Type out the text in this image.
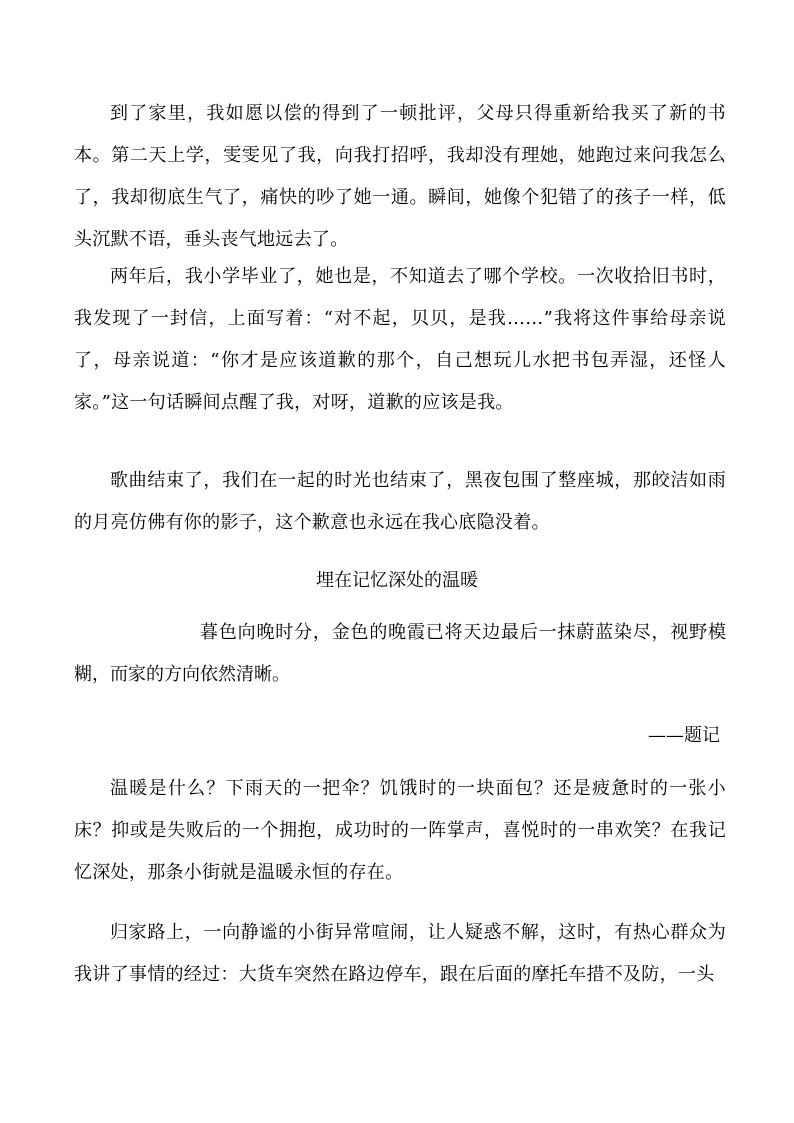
到了家里，我如愿以偿的得到了一顿批评，父母只得重新给我买了新的书本。第二天上学，雯雯见了我，向我打招呼，我却没有理她，她跑过来问我怎么了，我却彻底生气了，痛快的吵了她一通。瞬间，她像个犯错了的孩子一样，低头沉默不语，垂头丧气地远去了。

两年后，我小学毕业了，她也是，不知道去了哪个学校。一次收拾旧书时，我发现了一封信，上面写着：“对不起，贝贝，是我……”我将这件事给母亲说了，母亲说道：“你才是应该道歉的那个，自己想玩儿水把书包弄湿，还怪人家。”这一句话瞬间点醒了我，对呀，道歉的应该是我。

歌曲结束了，我们在一起的时光也结束了，黑夜包围了整座城，那皎洁如雨的月亮仿佛有你的影子，这个歉意也永远在我心底隐没着。

埋在记忆深处的温暖

暮色向晚时分，金色的晚霞已将天边最后一抹蔚蓝染尽，视野模糊，而家的方向依然清晰。

——题记

温暖是什么？下雨天的一把伞？饥饿时的一块面包？还是疲惫时的一张小床？抑或是失败后的一个拥抱，成功时的一阵掌声，喜悦时的一串欢笑？在我记忆深处，那条小街就是温暖永恒的存在。

归家路上，一向静谧的小街异常喧闹，让人疑惑不解，这时，有热心群众为我讲了事情的经过：大货车突然在路边停车，跟在后面的摩托车措不及防，一头
